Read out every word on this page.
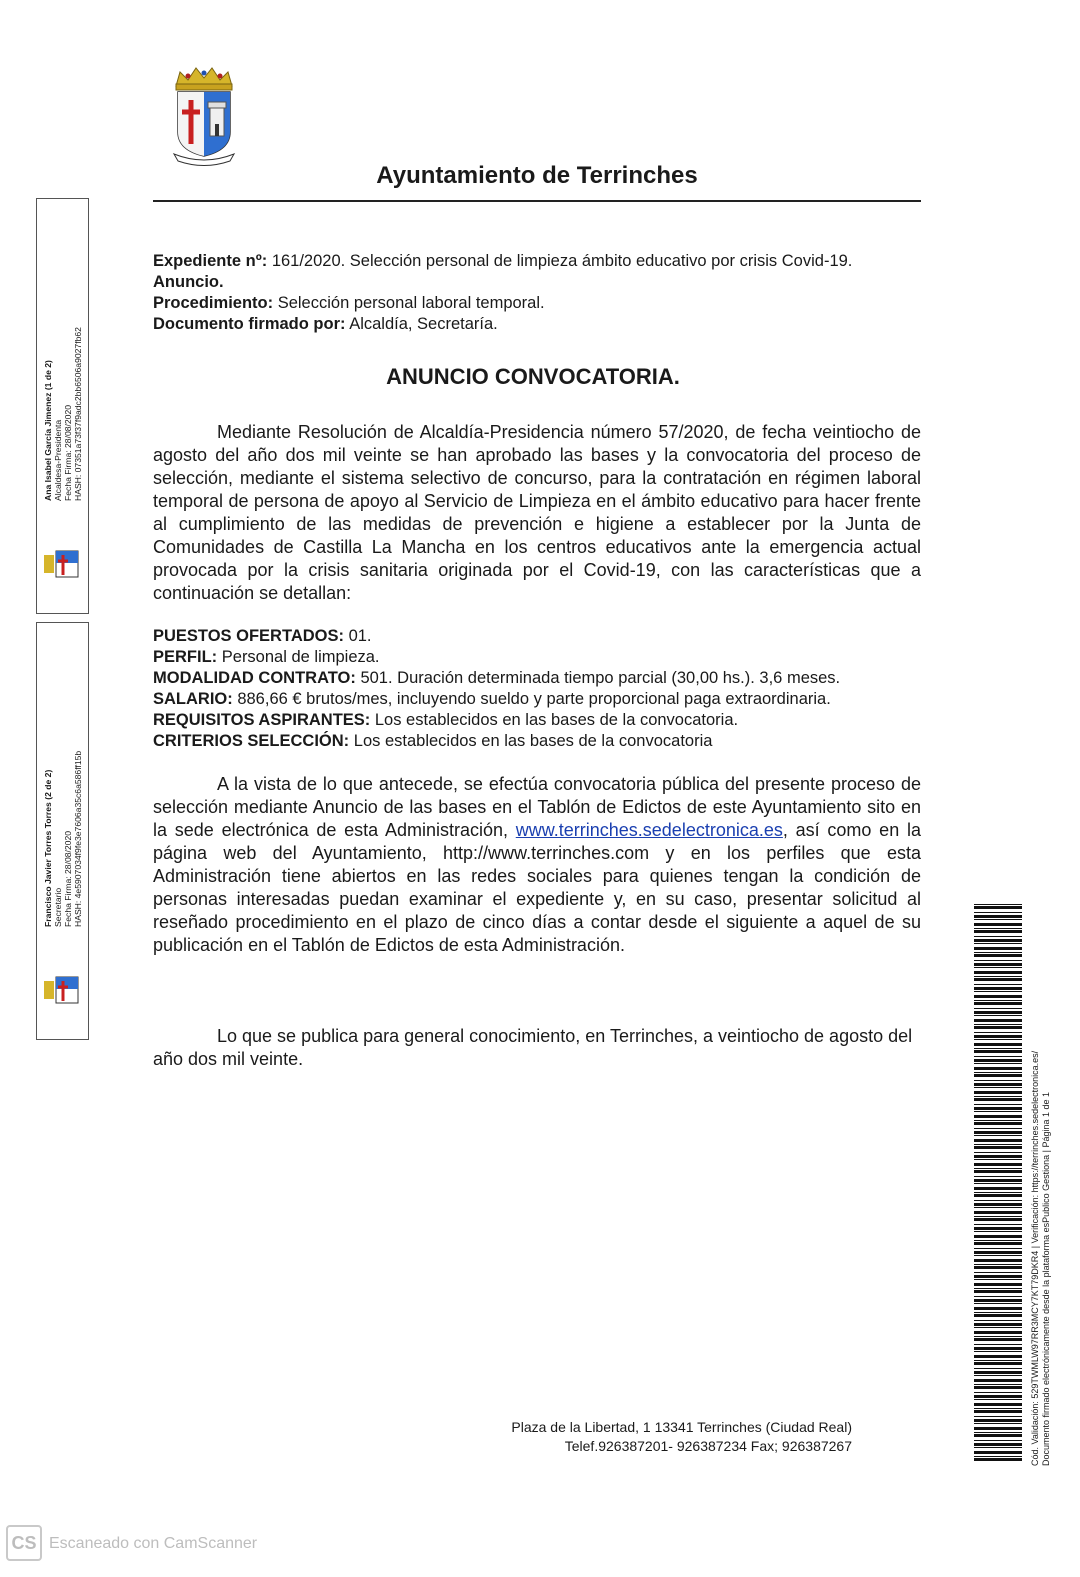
Ayuntamiento de Terrinches
Expediente nº: 161/2020. Selección personal de limpieza ámbito educativo por crisis Covid-19.
Anuncio.
Procedimiento: Selección personal laboral temporal.
Documento firmado por: Alcaldía, Secretaría.
ANUNCIO CONVOCATORIA.
Mediante Resolución de Alcaldía-Presidencia número 57/2020, de fecha veintiocho de agosto del año dos mil veinte se han aprobado las bases y la convocatoria del proceso de selección, mediante el sistema selectivo de concurso, para la contratación en régimen laboral temporal de persona de apoyo al Servicio de Limpieza en el ámbito educativo para hacer frente al cumplimiento de las medidas de prevención e higiene a establecer por la Junta de Comunidades de Castilla La Mancha en los centros educativos ante la emergencia actual provocada por la crisis sanitaria originada por el Covid-19, con las características que a continuación se detallan:
PUESTOS OFERTADOS: 01.
PERFIL: Personal de limpieza.
MODALIDAD CONTRATO: 501. Duración determinada tiempo parcial (30,00 hs.). 3,6 meses.
SALARIO: 886,66 € brutos/mes, incluyendo sueldo y parte proporcional paga extraordinaria.
REQUISITOS ASPIRANTES: Los establecidos en las bases de la convocatoria.
CRITERIOS SELECCIÓN: Los establecidos en las bases de la convocatoria
A la vista de lo que antecede, se efectúa convocatoria pública del presente proceso de selección mediante Anuncio de las bases en el Tablón de Edictos de este Ayuntamiento sito en la sede electrónica de esta Administración, www.terrinches.sedelectronica.es, así como en la página web del Ayuntamiento, http://www.terrinches.com y en los perfiles que esta Administración tiene abiertos en las redes sociales para quienes tengan la condición de personas interesadas puedan examinar el expediente y, en su caso, presentar solicitud al reseñado procedimiento en el plazo de cinco días a contar desde el siguiente a aquel de su publicación en el Tablón de Edictos de esta Administración.
Lo que se publica para general conocimiento, en Terrinches, a veintiocho de agosto del año dos mil veinte.
Plaza de la Libertad, 1 13341 Terrinches (Ciudad Real)
Telef.926387201- 926387234 Fax; 926387267
Ana Isabel García Jimenez (1 de 2) Alcaldesa-Presidenta Fecha Firma: 28/08/2020 HASH: 07351a73f37f9adc2bb6506a9027fb62
Francisco Javier Torres Torres (2 de 2) Secretario Fecha Firma: 28/08/2020 HASH: 4e5907034f9fe3e7606a35c6a586ff15b
Cód. Validación: 529TWMLW97RR3MCY7KT79DKR4 | Verificación: https://terrinches.sedelectronica.es/ Documento firmado electrónicamente desde la plataforma esPublico Gestiona | Página 1 de 1
CS Escaneado con CamScanner
